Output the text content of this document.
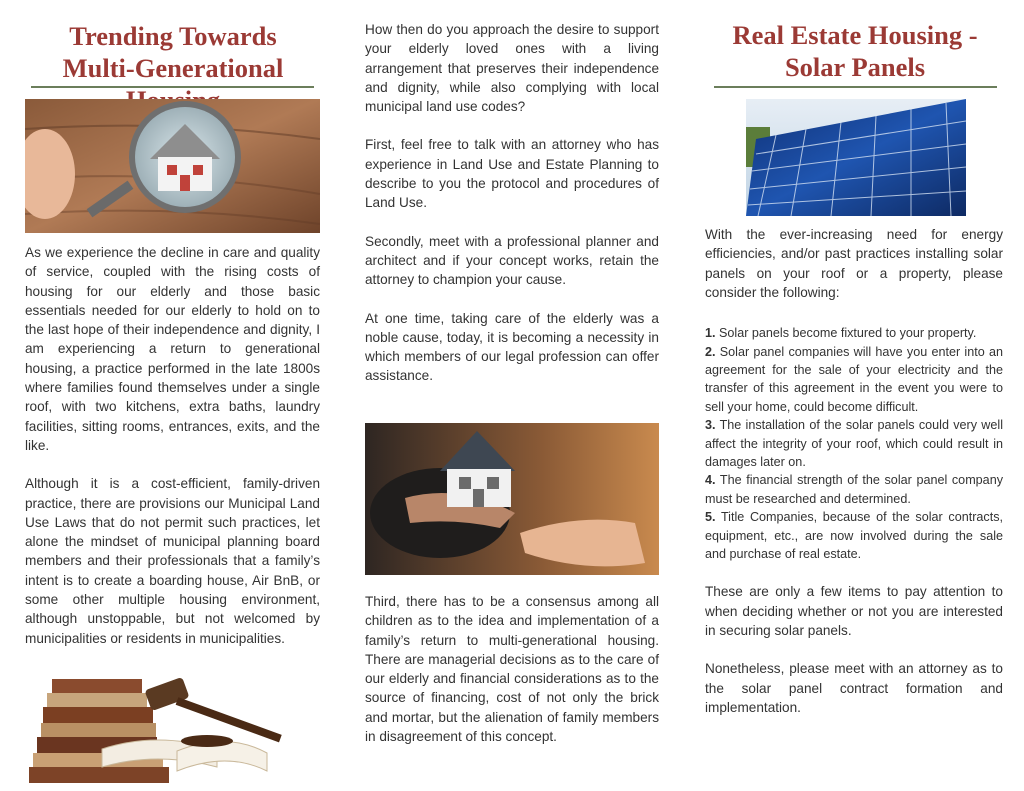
Trending Towards
Multi-Generational

As we experience the decline in care and quality of service, coupled with the rising costs of housing for our elderly and those basic essentials needed for our elderly to hold on to the last hope of their independence and dignity, I am experiencing a return to generational housing, a practice performed in the late 1800s where families found themselves under a single roof, with two kitchens, extra baths, laundry facilities, sitting rooms, entrances, exits, and the like.

Although it is a cost-efficient, family-driven practice, there are provisions our Municipal Land Use Laws that do not permit such practices, let alone the mindset of municipal planning board members and their professionals that a family’s intent is to create a boarding house, Air BnB, or some other multiple housing environment, although unstoppable, but not welcomed by municipalities or residents in municipalities.

How then do you approach the desire to support your elderly loved ones with a living arrangement that preserves their independence and dignity, while also complying with local municipal land use codes?

First, feel free to talk with an attorney who has experience in Land Use and Estate Planning to describe to you the protocol and procedures of Land Use.

Secondly, meet with a professional planner and architect and if your concept works, retain the attorney to champion your cause.

At one time, taking care of the elderly was a noble cause, today, it is becoming a necessity in which members of our legal profession can offer assistance.

Third, there has to be a consensus among all children as to the idea and implementation of a family’s return to multi-generational housing. There are managerial decisions as to the care of our elderly and financial considerations as to the source of financing, cost of not only the brick and mortar, but the alienation of family members in disagreement of this concept.

Real Estate Housing -
Solar Panels

With the ever-increasing need for energy efficiencies, and/or past practices installing solar panels on your roof or a property, please consider the following:

1. Solar panels become fixtured to your property.

2. Solar panel companies will have you enter into an agreement for the sale of your electricity and the transfer of this agreement in the event you were to sell your home, could become difficult.

3. The installation of the solar panels could very well affect the integrity of your roof, which could result in damages later on.

4. The financial strength of the solar panel company must be researched and determined.

5. Title Companies, because of the solar contracts, equipment, etc., are now involved during the sale and purchase of real estate.

These are only a few items to pay attention to when deciding whether or not you are interested in securing solar panels.

Nonetheless, please meet with an attorney as to the solar panel contract formation and implementation.
